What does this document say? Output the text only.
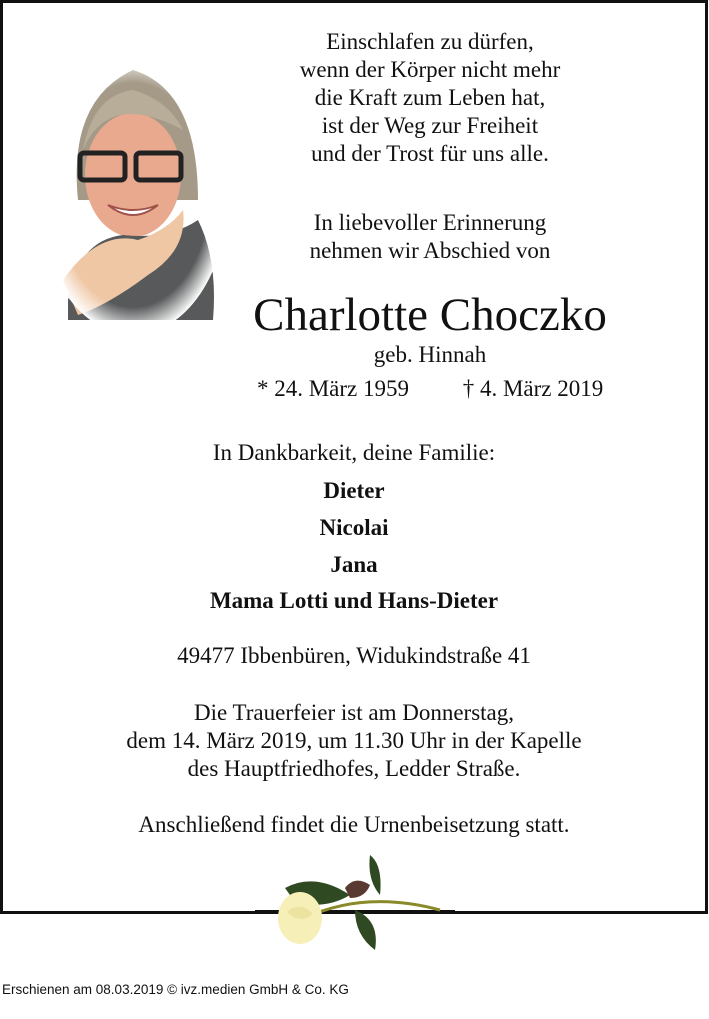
Einschlafen zu dürfen,
wenn der Körper nicht mehr
die Kraft zum Leben hat,
ist der Weg zur Freiheit
und der Trost für uns alle.
In liebevoller Erinnerung
nehmen wir Abschied von
Charlotte Choczko
geb. Hinnah
* 24. März 1959 † 4. März 2019
In Dankbarkeit, deine Familie:
Dieter
Nicolai
Jana
Mama Lotti und Hans-Dieter
49477 Ibbenbüren, Widukindstraße 41
Die Trauerfeier ist am Donnerstag,
dem 14. März 2019, um 11.30 Uhr in der Kapelle
des Hauptfriedhofes, Ledder Straße.
Anschließend findet die Urnenbeisetzung statt.
Erschienen am 08.03.2019 © ivz.medien GmbH & Co. KG
